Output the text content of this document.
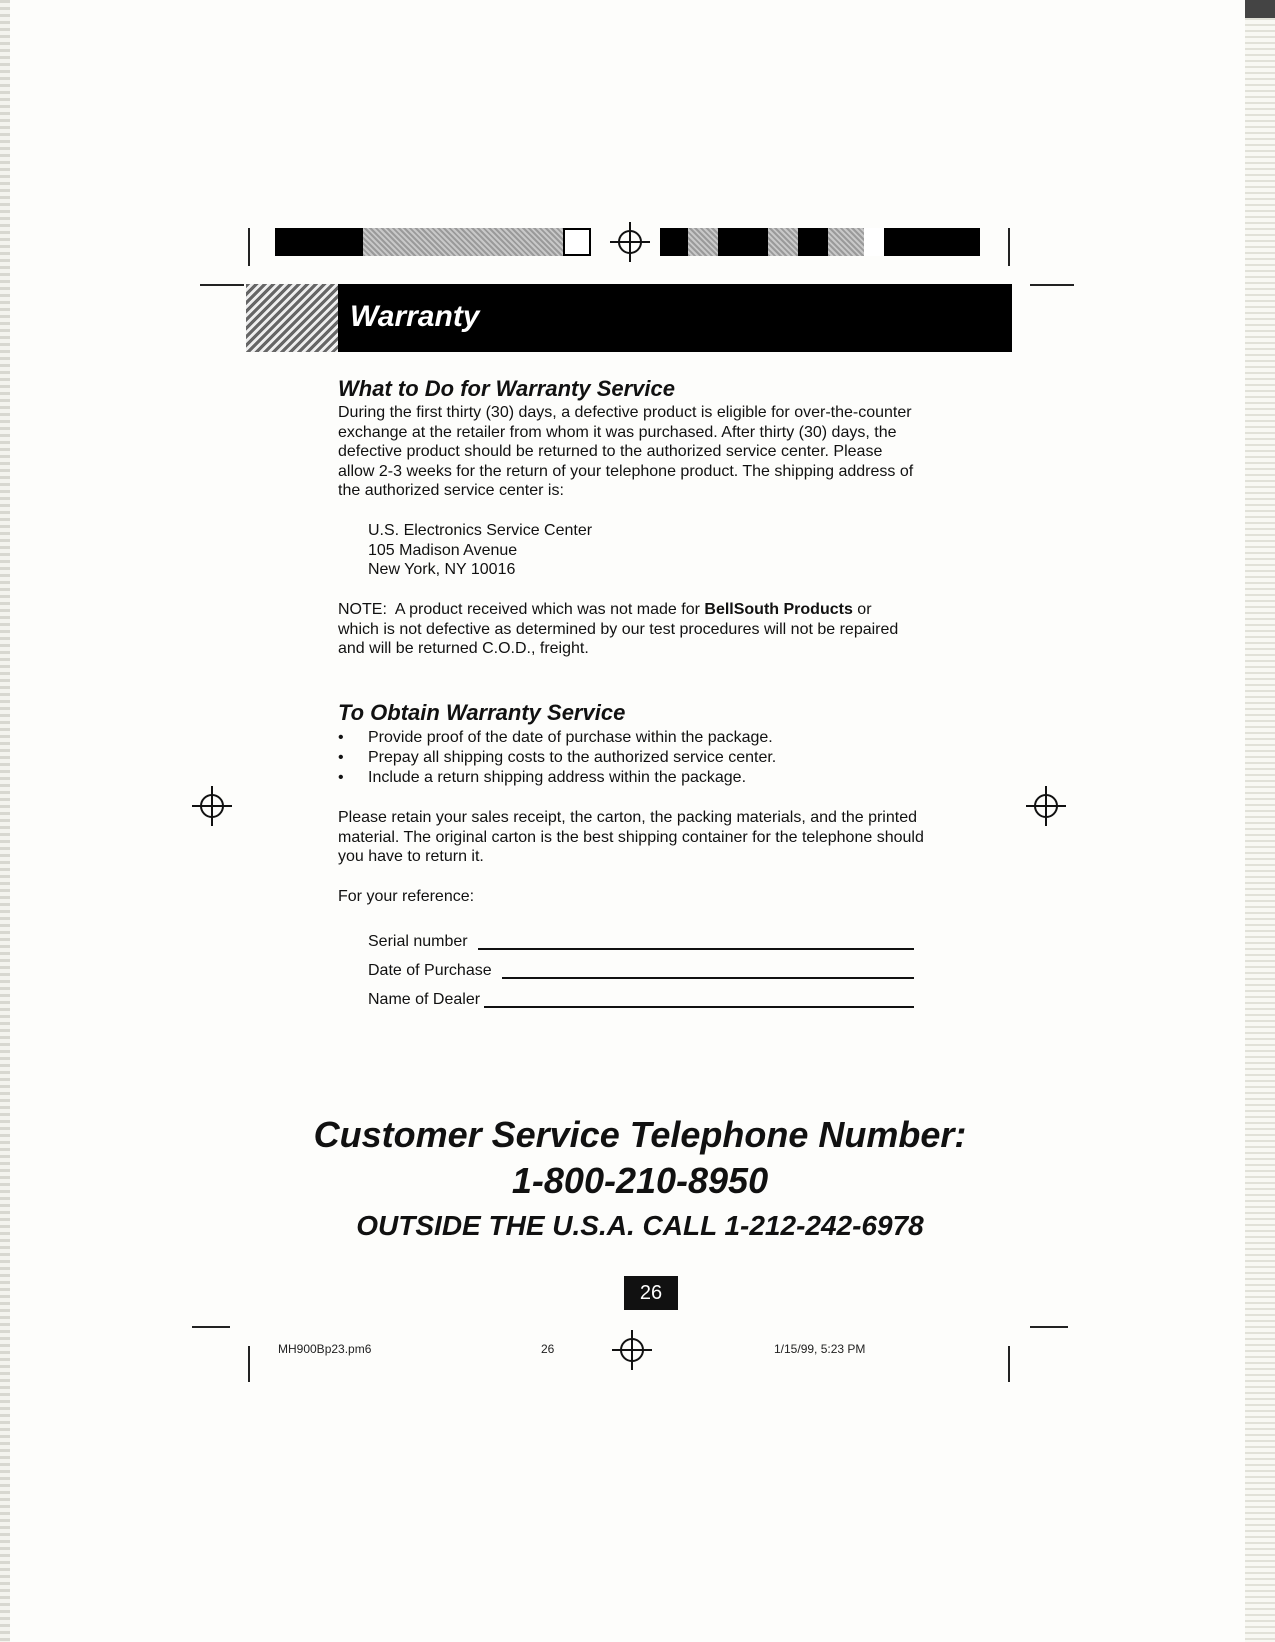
Warranty
What to Do for Warranty Service
During the first thirty (30) days, a defective product is eligible for over-the-counter
exchange at the retailer from whom it was purchased. After thirty (30) days, the
defective product should be returned to the authorized service center. Please
allow 2-3 weeks for the return of your telephone product. The shipping address of
the authorized service center is:
U.S. Electronics Service Center
105 Madison Avenue
New York, NY 10016
NOTE:  A product received which was not made for BellSouth Products or
which is not defective as determined by our test procedures will not be repaired
and will be returned C.O.D., freight.
To Obtain Warranty Service
• Provide proof of the date of purchase within the package.
• Prepay all shipping costs to the authorized service center.
• Include a return shipping address within the package.
Please retain your sales receipt, the carton, the packing materials, and the printed
material. The original carton is the best shipping container for the telephone should
you have to return it.
For your reference:
Serial number
Date of Purchase
Name of Dealer
Customer Service Telephone Number:
1-800-210-8950
OUTSIDE THE U.S.A. CALL 1-212-242-6978
26
MH900Bp23.pm6	26	1/15/99, 5:23 PM
